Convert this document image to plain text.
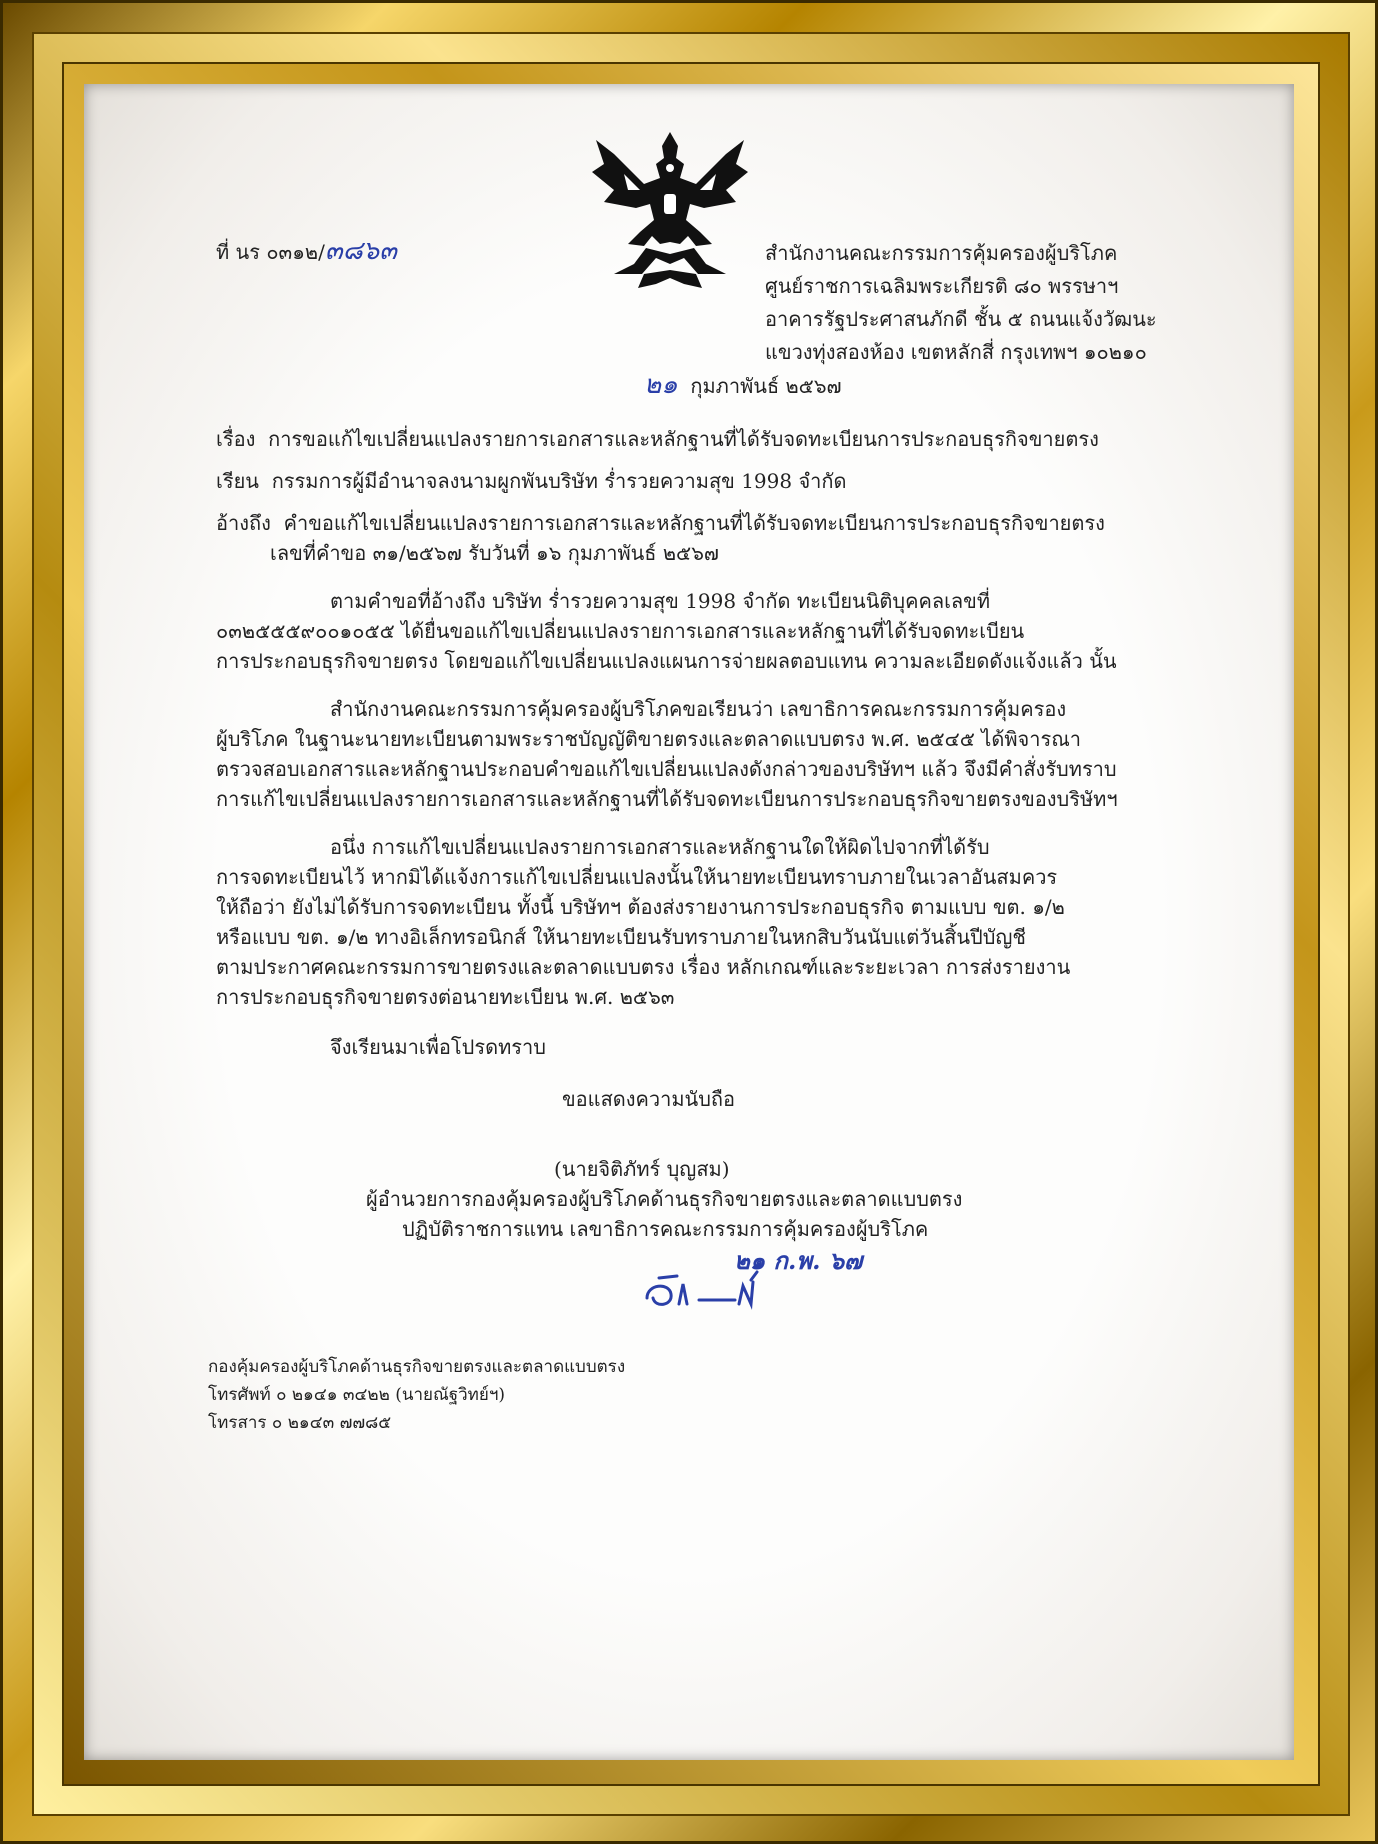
ที่ นร ๐๓๑๒/๓๘๖๓	สำนักงานคณะกรรมการคุ้มครองผู้บริโภค
ศูนย์ราชการเฉลิมพระเกียรติ ๘๐ พรรษาฯ
อาคารรัฐประศาสนภักดี ชั้น ๕ ถนนแจ้งวัฒนะ
แขวงทุ่งสองห้อง เขตหลักสี่ กรุงเทพฯ ๑๐๒๑๐
๒๑ กุมภาพันธ์ ๒๕๖๗
เรื่อง การขอแก้ไขเปลี่ยนแปลงรายการเอกสารและหลักฐานที่ได้รับจดทะเบียนการประกอบธุรกิจขายตรง
เรียน กรรมการผู้มีอำนาจลงนามผูกพันบริษัท ร่ำรวยความสุข 1998 จำกัด
อ้างถึง คำขอแก้ไขเปลี่ยนแปลงรายการเอกสารและหลักฐานที่ได้รับจดทะเบียนการประกอบธุรกิจขายตรง
เลขที่คำขอ ๓๑/๒๕๖๗ รับวันที่ ๑๖ กุมภาพันธ์ ๒๕๖๗
ตามคำขอที่อ้างถึง บริษัท ร่ำรวยความสุข 1998 จำกัด ทะเบียนนิติบุคคลเลขที่
๐๓๒๕๕๕๙๐๐๑๐๕๕ ได้ยื่นขอแก้ไขเปลี่ยนแปลงรายการเอกสารและหลักฐานที่ได้รับจดทะเบียน
การประกอบธุรกิจขายตรง โดยขอแก้ไขเปลี่ยนแปลงแผนการจ่ายผลตอบแทน ความละเอียดดังแจ้งแล้ว นั้น
สำนักงานคณะกรรมการคุ้มครองผู้บริโภคขอเรียนว่า เลขาธิการคณะกรรมการคุ้มครอง
ผู้บริโภค ในฐานะนายทะเบียนตามพระราชบัญญัติขายตรงและตลาดแบบตรง พ.ศ. ๒๕๔๕ ได้พิจารณา
ตรวจสอบเอกสารและหลักฐานประกอบคำขอแก้ไขเปลี่ยนแปลงดังกล่าวของบริษัทฯ แล้ว จึงมีคำสั่งรับทราบ
การแก้ไขเปลี่ยนแปลงรายการเอกสารและหลักฐานที่ได้รับจดทะเบียนการประกอบธุรกิจขายตรงของบริษัทฯ
อนึ่ง การแก้ไขเปลี่ยนแปลงรายการเอกสารและหลักฐานใดให้ผิดไปจากที่ได้รับ
การจดทะเบียนไว้ หากมิได้แจ้งการแก้ไขเปลี่ยนแปลงนั้นให้นายทะเบียนทราบภายในเวลาอันสมควร
ให้ถือว่า ยังไม่ได้รับการจดทะเบียน ทั้งนี้ บริษัทฯ ต้องส่งรายงานการประกอบธุรกิจ ตามแบบ ขต. ๑/๒
หรือแบบ ขต. ๑/๒ ทางอิเล็กทรอนิกส์ ให้นายทะเบียนรับทราบภายในหกสิบวันนับแต่วันสิ้นปีบัญชี
ตามประกาศคณะกรรมการขายตรงและตลาดแบบตรง เรื่อง หลักเกณฑ์และระยะเวลา การส่งรายงาน
การประกอบธุรกิจขายตรงต่อนายทะเบียน พ.ศ. ๒๕๖๓
จึงเรียนมาเพื่อโปรดทราบ
ขอแสดงความนับถือ
(นายจิติภัทร์ บุญสม)
ผู้อำนวยการกองคุ้มครองผู้บริโภคด้านธุรกิจขายตรงและตลาดแบบตรง
ปฏิบัติราชการแทน เลขาธิการคณะกรรมการคุ้มครองผู้บริโภค
๒๑ ก.พ. ๖๗
กองคุ้มครองผู้บริโภคด้านธุรกิจขายตรงและตลาดแบบตรง
โทรศัพท์ ๐ ๒๑๔๑ ๓๔๒๒ (นายณัฐวิทย์ฯ)
โทรสาร ๐ ๒๑๔๓ ๗๗๘๕
